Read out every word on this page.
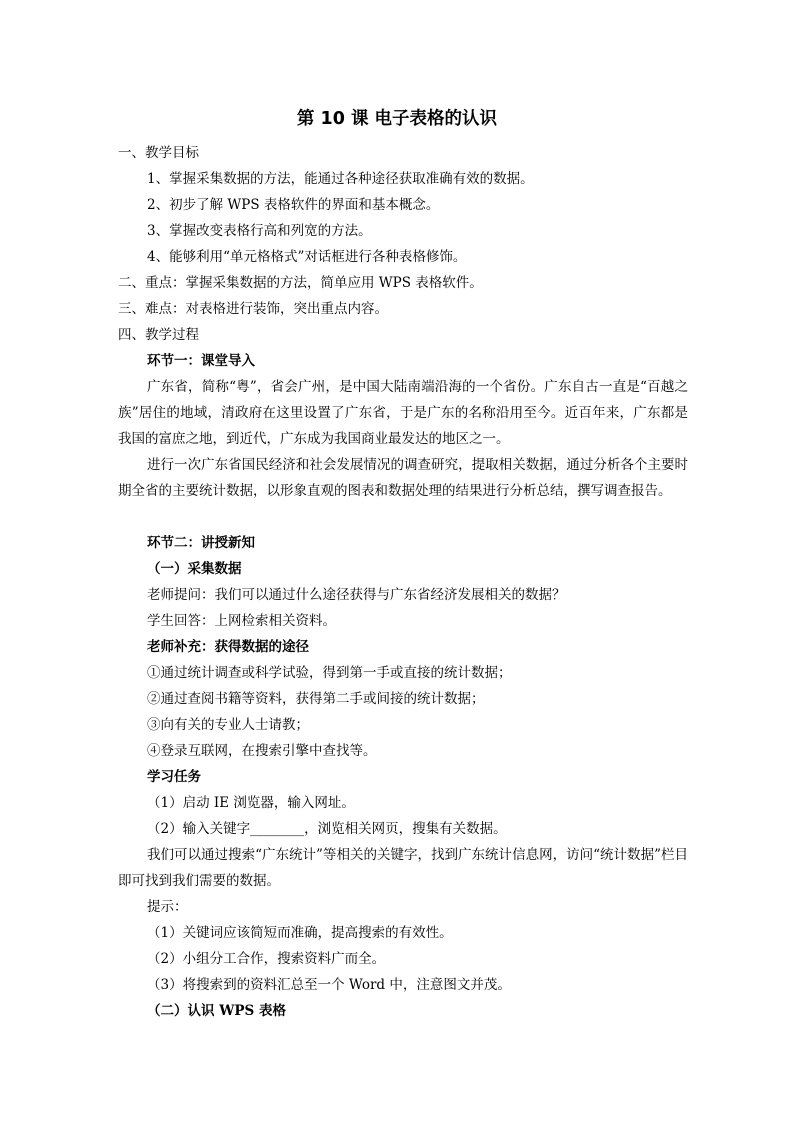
第 10 课 电子表格的认识
一、教学目标
1、掌握采集数据的方法，能通过各种途径获取准确有效的数据。
2、初步了解 WPS 表格软件的界面和基本概念。
3、掌握改变表格行高和列宽的方法。
4、能够利用“单元格格式”对话框进行各种表格修饰。
二、重点：掌握采集数据的方法，简单应用 WPS 表格软件。
三、难点：对表格进行装饰，突出重点内容。
四、教学过程
环节一：课堂导入
广东省，简称“粤”，省会广州，是中国大陆南端沿海的一个省份。广东自古一直是“百越之族”居住的地域，清政府在这里设置了广东省，于是广东的名称沿用至今。近百年来，广东都是我国的富庶之地，到近代，广东成为我国商业最发达的地区之一。
进行一次广东省国民经济和社会发展情况的调查研究，提取相关数据，通过分析各个主要时期全省的主要统计数据，以形象直观的图表和数据处理的结果进行分析总结，撰写调查报告。
环节二：讲授新知
（一）采集数据
老师提问：我们可以通过什么途径获得与广东省经济发展相关的数据？
学生回答：上网检索相关资料。
老师补充：获得数据的途径
①通过统计调查或科学试验，得到第一手或直接的统计数据；
②通过查阅书籍等资料，获得第二手或间接的统计数据；
③向有关的专业人士请教；
④登录互联网，在搜索引擎中查找等。
学习任务
（1）启动 IE 浏览器，输入网址。
（2）输入关键字________，浏览相关网页，搜集有关数据。
我们可以通过搜索“广东统计”等相关的关键字，找到广东统计信息网，访问“统计数据”栏目即可找到我们需要的数据。
提示：
（1）关键词应该简短而准确，提高搜索的有效性。
（2）小组分工合作，搜索资料广而全。
（3）将搜索到的资料汇总至一个 Word 中，注意图文并茂。
（二）认识 WPS 表格
